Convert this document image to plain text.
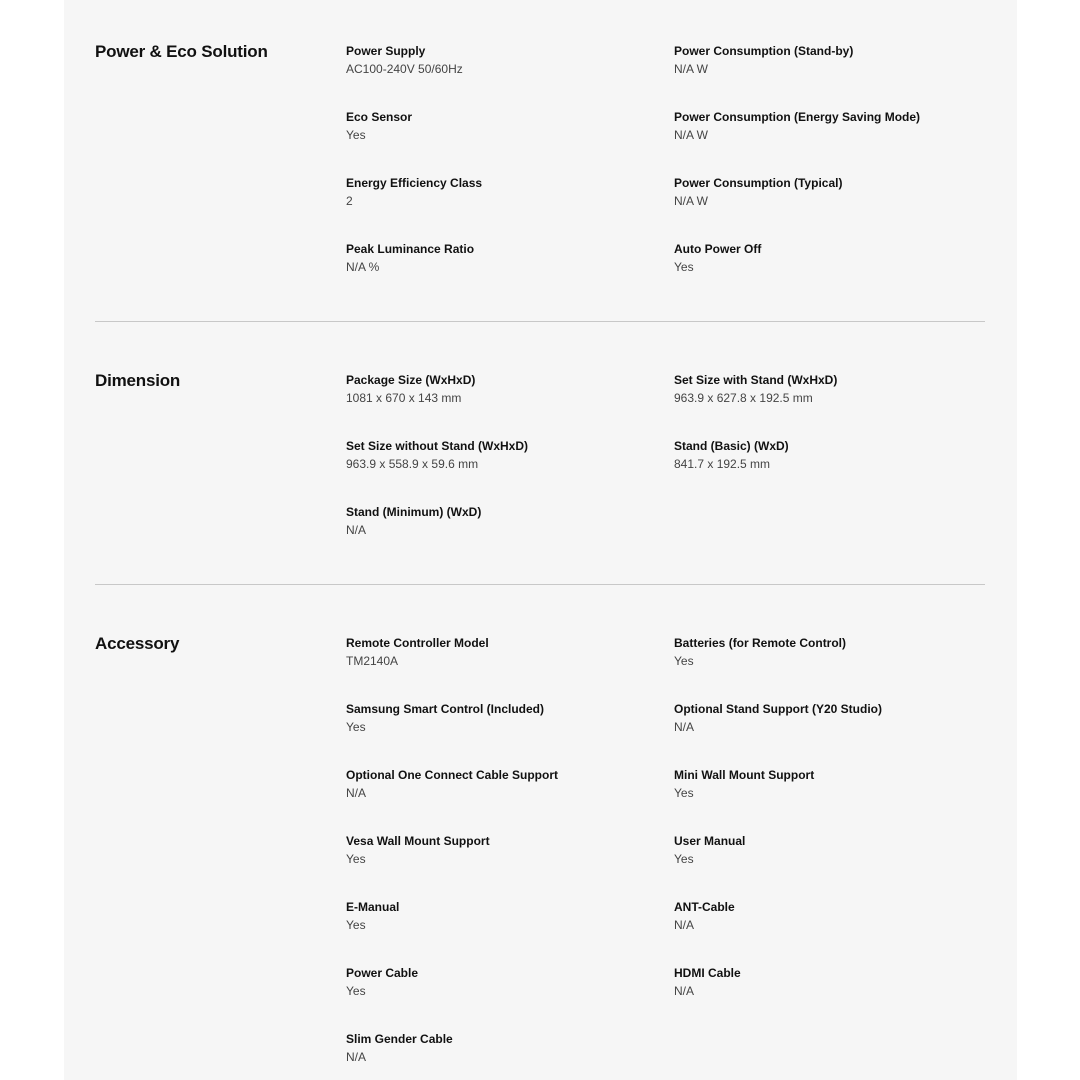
Power & Eco Solution	Power Supply
AC100-240V 50/60Hz
Power Consumption (Stand-by)
N/A W
Eco Sensor
Yes
Power Consumption (Energy Saving Mode)
N/A W
Energy Efficiency Class
2
Power Consumption (Typical)
N/A W
Peak Luminance Ratio
N/A %
Auto Power Off
Yes
Dimension	Package Size (WxHxD)
1081 x 670 x 143 mm
Set Size with Stand (WxHxD)
963.9 x 627.8 x 192.5 mm
Set Size without Stand (WxHxD)
963.9 x 558.9 x 59.6 mm
Stand (Basic) (WxD)
841.7 x 192.5 mm
Stand (Minimum) (WxD)
N/A
Accessory	Remote Controller Model
TM2140A
Batteries (for Remote Control)
Yes
Samsung Smart Control (Included)
Yes
Optional Stand Support (Y20 Studio)
N/A
Optional One Connect Cable Support
N/A
Mini Wall Mount Support
Yes
Vesa Wall Mount Support
Yes
User Manual
Yes
E-Manual
Yes
ANT-Cable
N/A
Power Cable
Yes
HDMI Cable
N/A
Slim Gender Cable
N/A
